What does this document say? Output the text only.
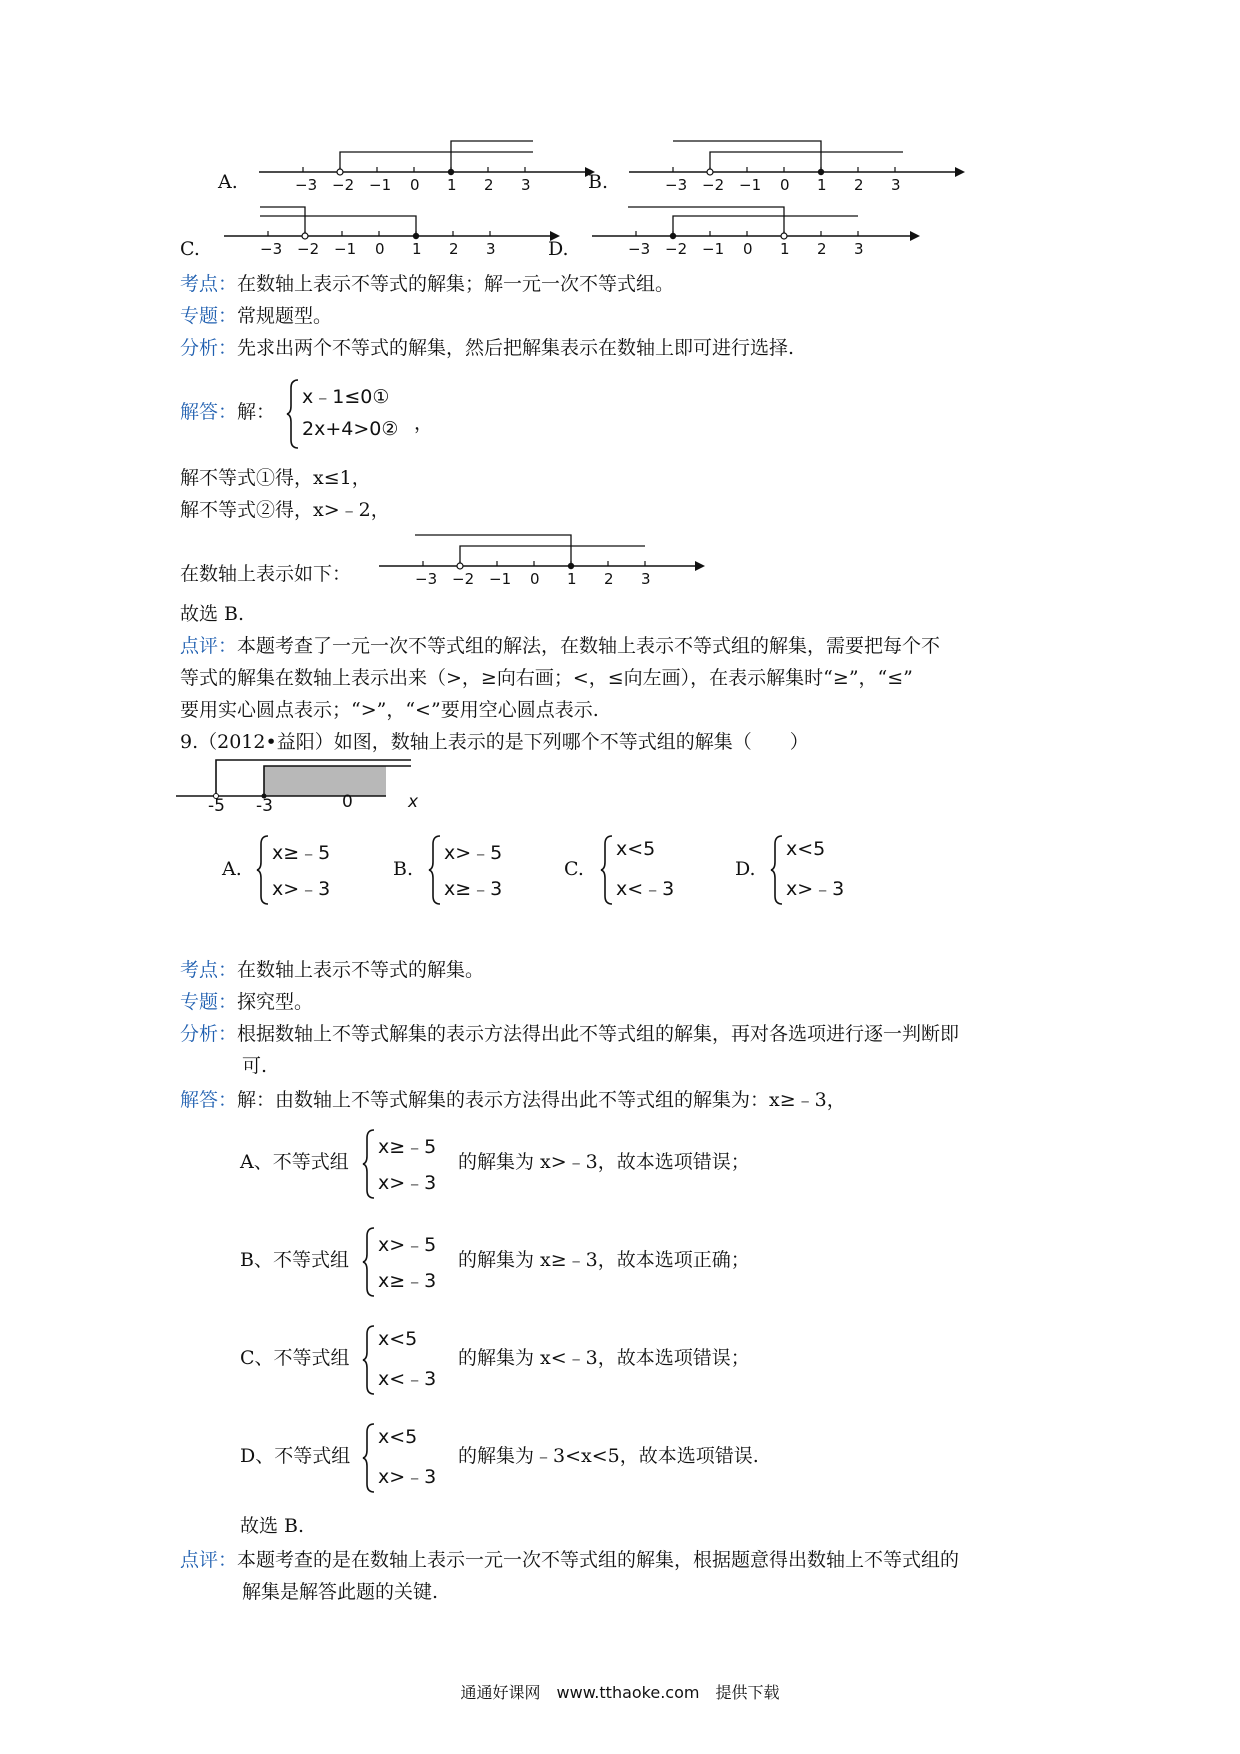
A.	−3 −2 −1 0 1 2 3	B.	−3 −2 −1 0 1 2 3
C.	−3 −2 −1 0 1 2 3	D.	−3 −2 −1 0 1 2 3
考点：在数轴上表示不等式的解集；解一元一次不等式组。
专题：常规题型。
分析：先求出两个不等式的解集，然后把解集表示在数轴上即可进行选择.
解答：解：
x﹣1≤0①
2x+4>0② ，
解不等式①得，x≤1，
解不等式②得，x>﹣2，
在数轴上表示如下：	−3 −2 −1 0 1 2 3
故选 B.
点评：本题考查了一元一次不等式组的解法，在数轴上表示不等式组的解集，需要把每个不
等式的解集在数轴上表示出来（>，≥向右画；<，≤向左画），在表示解集时“≥”，“≤”
要用实心圆点表示；“>”，“<”要用空心圆点表示.
9.（2012•益阳）如图，数轴上表示的是下列哪个不等式组的解集（　　）
-5 -3	0	x
A.
x≥﹣5
x>﹣3
B.
x>﹣5
x≥﹣3
C.
x<5
x<﹣3
D.
x<5
x>﹣3
考点：在数轴上表示不等式的解集。
专题：探究型。
分析：根据数轴上不等式解集的表示方法得出此不等式组的解集，再对各选项进行逐一判断即
可.
解答：解：由数轴上不等式解集的表示方法得出此不等式组的解集为：x≥﹣3，
A、不等式组
x≥﹣5
x>﹣3
的解集为 x>﹣3，故本选项错误；
B、不等式组
x>﹣5
x≥﹣3
的解集为 x≥﹣3，故本选项正确；
C、不等式组
x<5
x<﹣3
的解集为 x<﹣3，故本选项错误；
D、不等式组
x<5
x>﹣3
的解集为﹣3<x<5，故本选项错误.
故选 B.
点评：本题考查的是在数轴上表示一元一次不等式组的解集，根据题意得出数轴上不等式组的
解集是解答此题的关键.
通通好课网　www.tthaoke.com　提供下载
